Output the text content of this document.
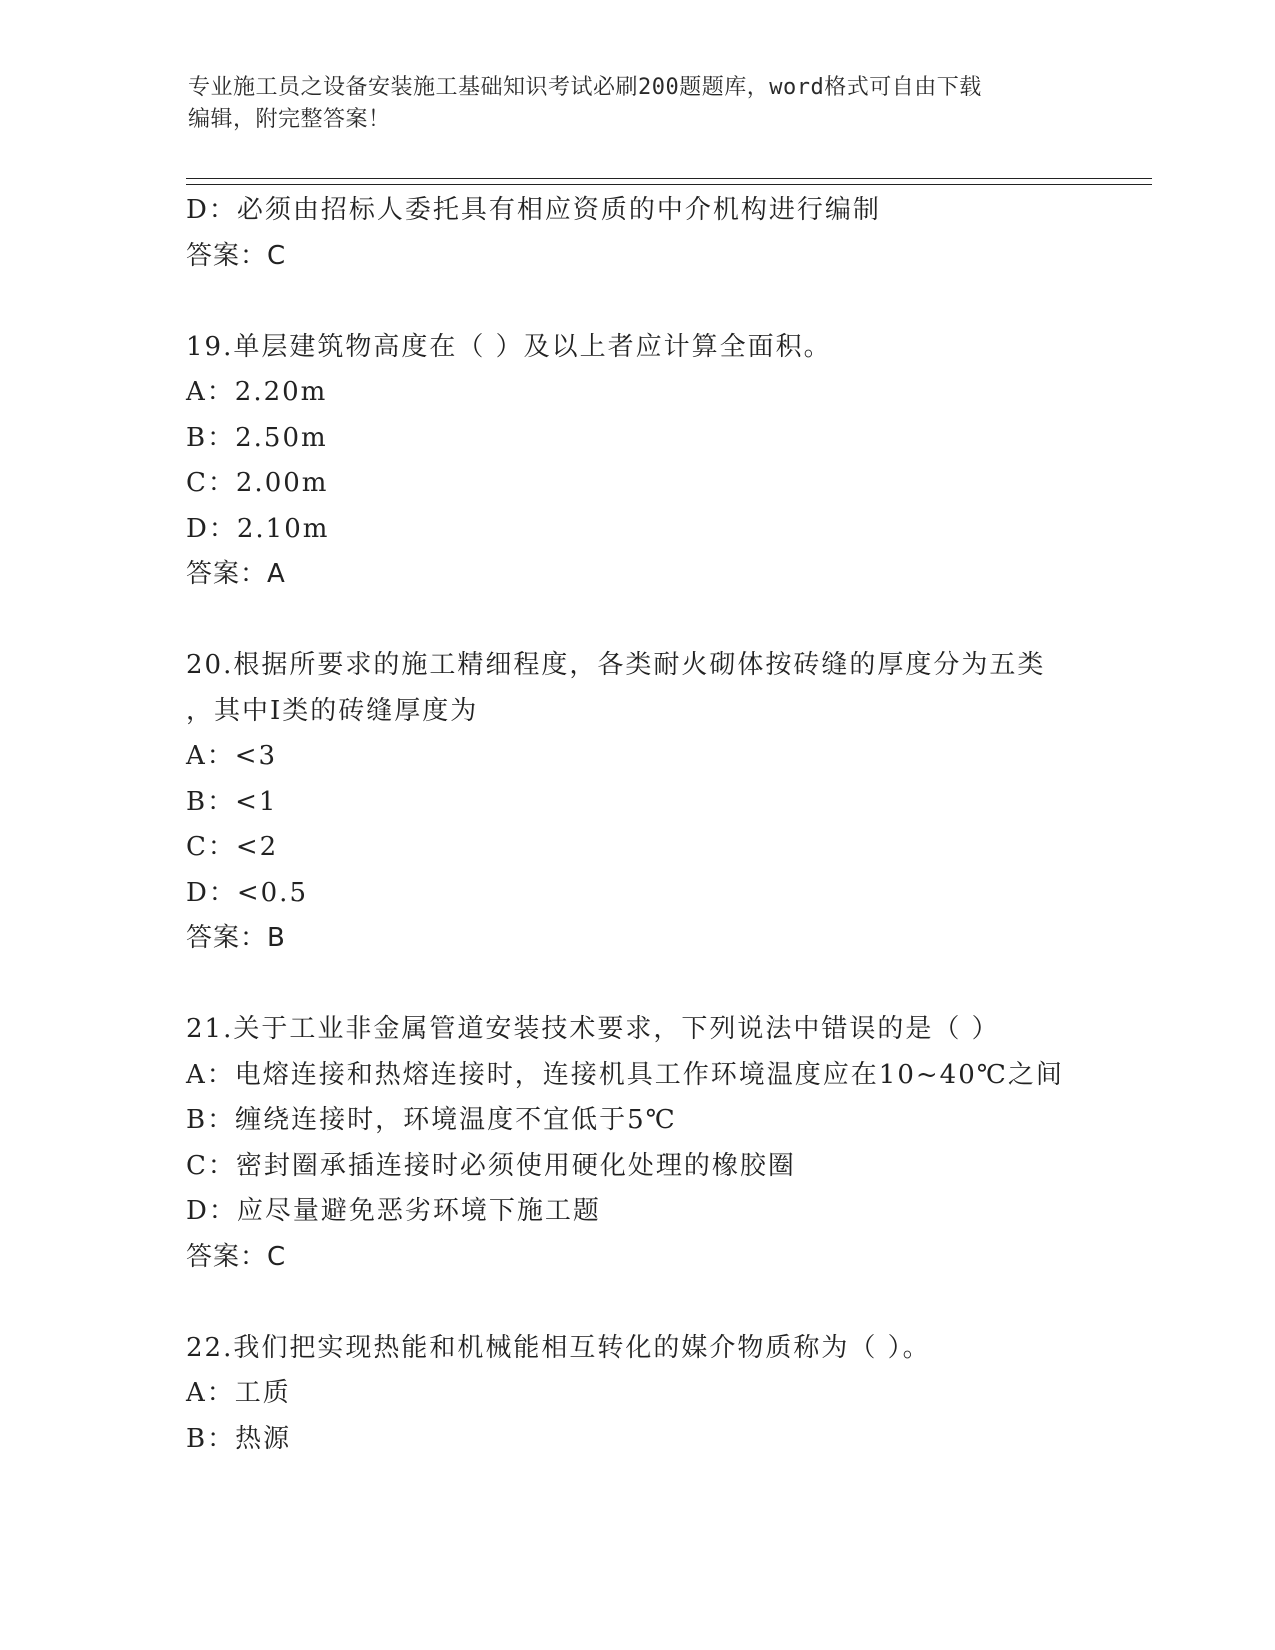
专业施工员之设备安装施工基础知识考试必刷200题题库，word格式可自由下载
编辑，附完整答案！
D：必须由招标人委托具有相应资质的中介机构进行编制
答案：C
19.单层建筑物高度在（ ）及以上者应计算全面积。
A：2.20m
B：2.50m
C：2.00m
D：2.10m
答案：A
20.根据所要求的施工精细程度，各类耐火砌体按砖缝的厚度分为五类
，其中Ⅰ类的砖缝厚度为
A：<3
B：<1
C：<2
D：<0.5
答案：B
21.关于工业非金属管道安装技术要求，下列说法中错误的是（ ）
A：电熔连接和热熔连接时，连接机具工作环境温度应在10~40℃之间
B：缠绕连接时，环境温度不宜低于5℃
C：密封圈承插连接时必须使用硬化处理的橡胶圈
D：应尽量避免恶劣环境下施工题
答案：C
22.我们把实现热能和机械能相互转化的媒介物质称为（ ）。
A：工质
B：热源
